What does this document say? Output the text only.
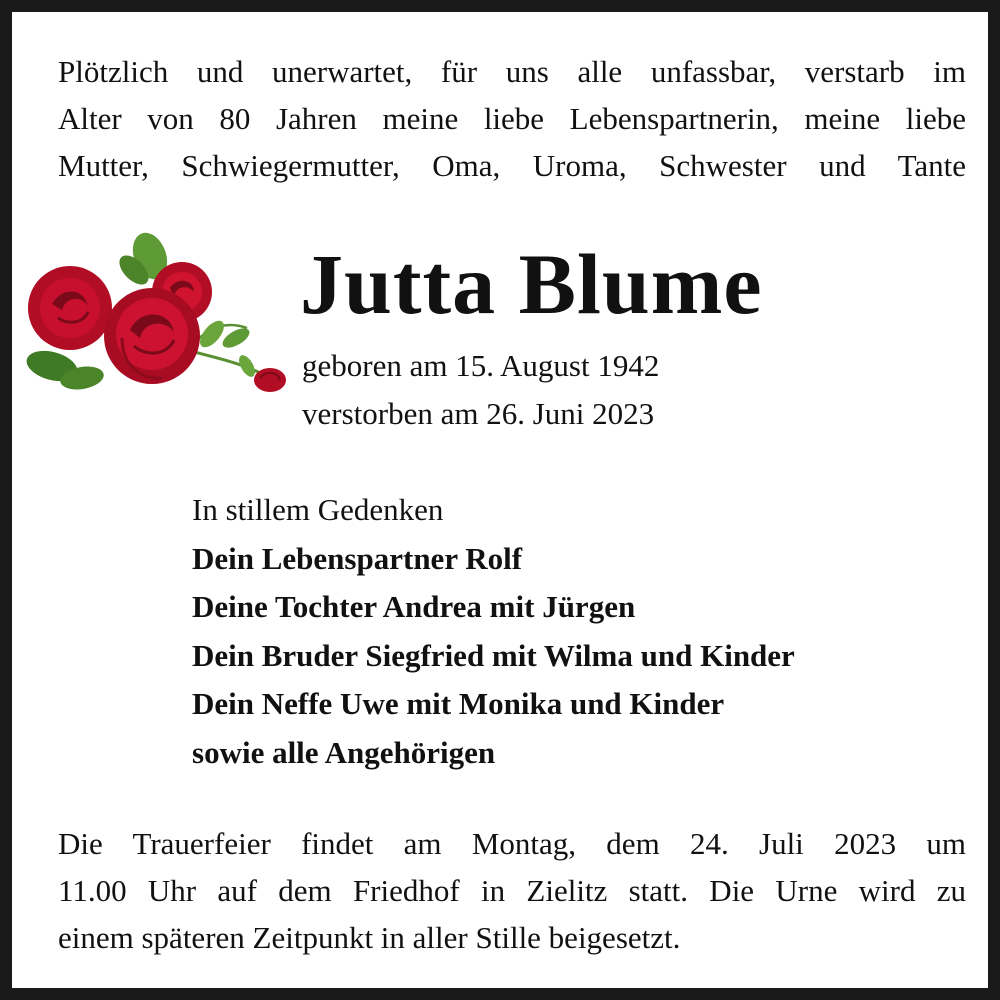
Plötzlich und unerwartet, für uns alle unfassbar, verstarb im
Alter von 80 Jahren meine liebe Lebenspartnerin, meine liebe
Mutter, Schwiegermutter, Oma, Uroma, Schwester und Tante
Jutta Blume
geboren am 15. August 1942
verstorben am 26. Juni 2023
In stillem Gedenken
Dein Lebenspartner Rolf
Deine Tochter Andrea mit Jürgen
Dein Bruder Siegfried mit Wilma und Kinder
Dein Neffe Uwe mit Monika und Kinder
sowie alle Angehörigen
Die Trauerfeier findet am Montag, dem 24. Juli 2023 um
11.00 Uhr auf dem Friedhof in Zielitz statt. Die Urne wird zu
einem späteren Zeitpunkt in aller Stille beigesetzt.
